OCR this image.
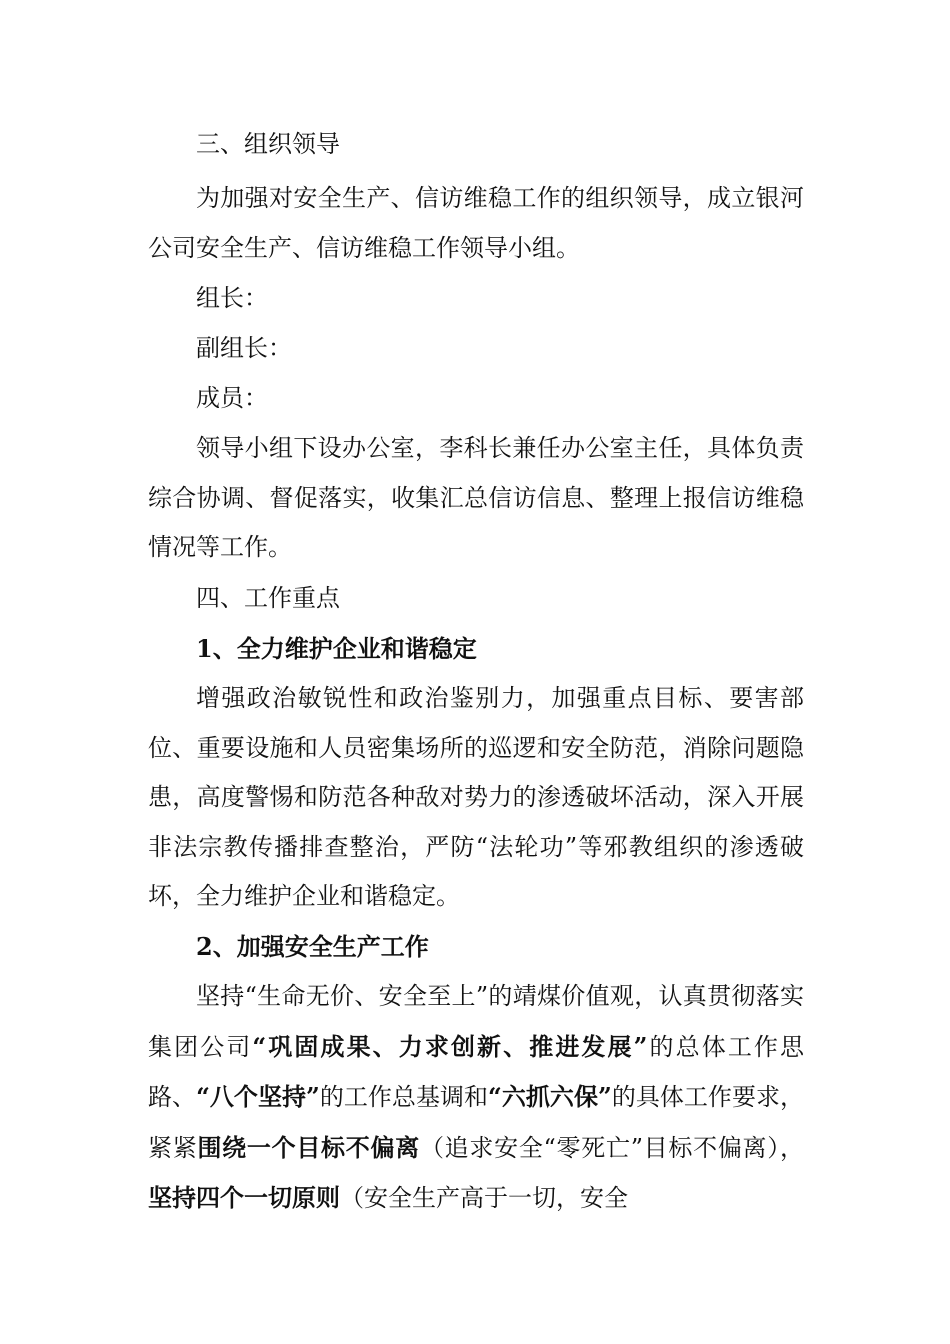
三、组织领导

为加强对安全生产、信访维稳工作的组织领导，成立银河公司安全生产、信访维稳工作领导小组。

组长：

副组长：

成员：

领导小组下设办公室，李科长兼任办公室主任，具体负责综合协调、督促落实，收集汇总信访信息、整理上报信访维稳情况等工作。

四、工作重点

1、全力维护企业和谐稳定

增强政治敏锐性和政治鉴别力，加强重点目标、要害部位、重要设施和人员密集场所的巡逻和安全防范，消除问题隐患，高度警惕和防范各种敌对势力的渗透破坏活动，深入开展非法宗教传播排查整治，严防“法轮功”等邪教组织的渗透破坏，全力维护企业和谐稳定。

2、加强安全生产工作

坚持“生命无价、安全至上”的靖煤价值观，认真贯彻落实集团公司“巩固成果、力求创新、推进发展”的总体工作思路、“八个坚持”的工作总基调和“六抓六保”的具体工作要求，紧紧围绕一个目标不偏离（追求安全“零死亡”目标不偏离），坚持四个一切原则（安全生产高于一切，安全
